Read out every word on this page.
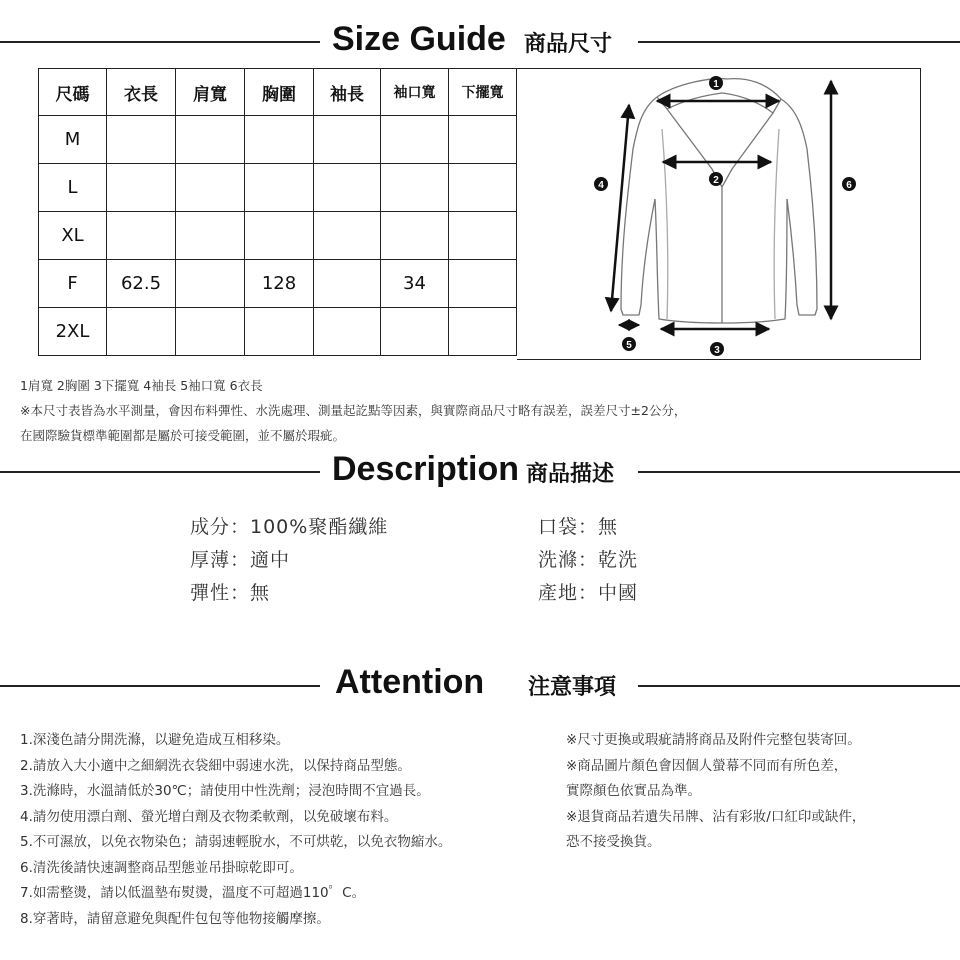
Size Guide 商品尺寸
尺碼	衣長	肩寬	胸圍	袖長	袖口寬	下擺寬
M						
L						
XL						
F	62.5		128		34	
2XL						
1
2
3
4
5
6
1肩寬 2胸圍 3下擺寬 4袖長 5袖口寬 6衣長
※本尺寸表皆為水平測量，會因布料彈性、水洗處理、測量起訖點等因素，與實際商品尺寸略有誤差，誤差尺寸±2公分，
在國際驗貨標準範圍都是屬於可接受範圍，並不屬於瑕疵。
Description 商品描述
成分：100%聚酯纖維
厚薄：適中
彈性：無
口袋：無
洗滌：乾洗
產地：中國
Attention 注意事項
1.深淺色請分開洗滌，以避免造成互相移染。
2.請放入大小適中之細網洗衣袋細中弱速水洗，以保持商品型態。
3.洗滌時，水溫請低於30℃；請使用中性洗劑；浸泡時間不宜過長。
4.請勿使用漂白劑、螢光增白劑及衣物柔軟劑，以免破壞布料。
5.不可濕放，以免衣物染色；請弱速輕脫水，不可烘乾，以免衣物縮水。
6.清洗後請快速調整商品型態並吊掛晾乾即可。
7.如需整燙，請以低溫墊布熨燙，溫度不可超過110゜C。
8.穿著時，請留意避免與配件包包等他物接觸摩擦。
※尺寸更換或瑕疵請將商品及附件完整包裝寄回。
※商品圖片顏色會因個人螢幕不同而有所色差，
實際顏色依實品為準。
※退貨商品若遺失吊牌、沾有彩妝/口紅印或缺件，
恐不接受換貨。
